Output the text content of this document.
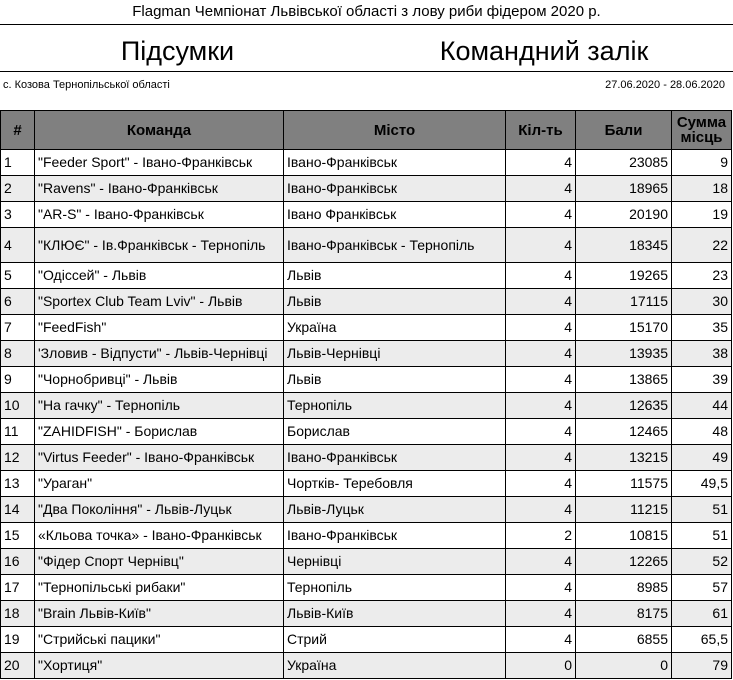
Flagman Чемпіонат Львівської області з лову риби фідером 2020 р.
Підсумки	Командний залік
с. Козова Тернопільської області	27.06.2020 - 28.06.2020
#	Команда	Місто	Кіл-ть	Бали	Сумма місць
1	"Feeder Sport" - Івано-Франківськ	Івано-Франківськ	4	23085	9
2	"Ravens" - Івано-Франківськ	Івано-Франківськ	4	18965	18
3	"AR-S" - Івано-Франківськ	Івано Франківськ	4	20190	19
4	"КЛЮЄ" - Ів.Франківськ - Тернопіль	Івано-Франківськ - Тернопіль	4	18345	22
5	"Одіссей" - Львів	Львів	4	19265	23
6	"Sportex Club Team Lviv" - Львів	Львів	4	17115	30
7	"FeedFish"	Україна	4	15170	35
8	'Зловив - Відпусти" - Львів-Чернівці	Львів-Чернівці	4	13935	38
9	"Чорнобривці" - Львів	Львів	4	13865	39
10	"На гачку" - Тернопіль	Тернопіль	4	12635	44
11	"ZAHIDFISH" - Борислав	Борислав	4	12465	48
12	"Virtus Feeder" - Івано-Франківськ	Івано-Франківськ	4	13215	49
13	"Ураган"	Чортків- Теребовля	4	11575	49,5
14	"Два Покоління" - Львів-Луцьк	Львів-Луцьк	4	11215	51
15	«Кльова точка» - Івано-Франківськ	Івано-Франківськ	2	10815	51
16	"Фідер Спорт Чернівц"	Чернівці	4	12265	52
17	"Тернопільські рибаки"	Тернопіль	4	8985	57
18	"Brain Львів-Київ"	Львів-Київ	4	8175	61
19	"Стрийські пацики"	Стрий	4	6855	65,5
20	"Хортиця"	Україна	0	0	79
